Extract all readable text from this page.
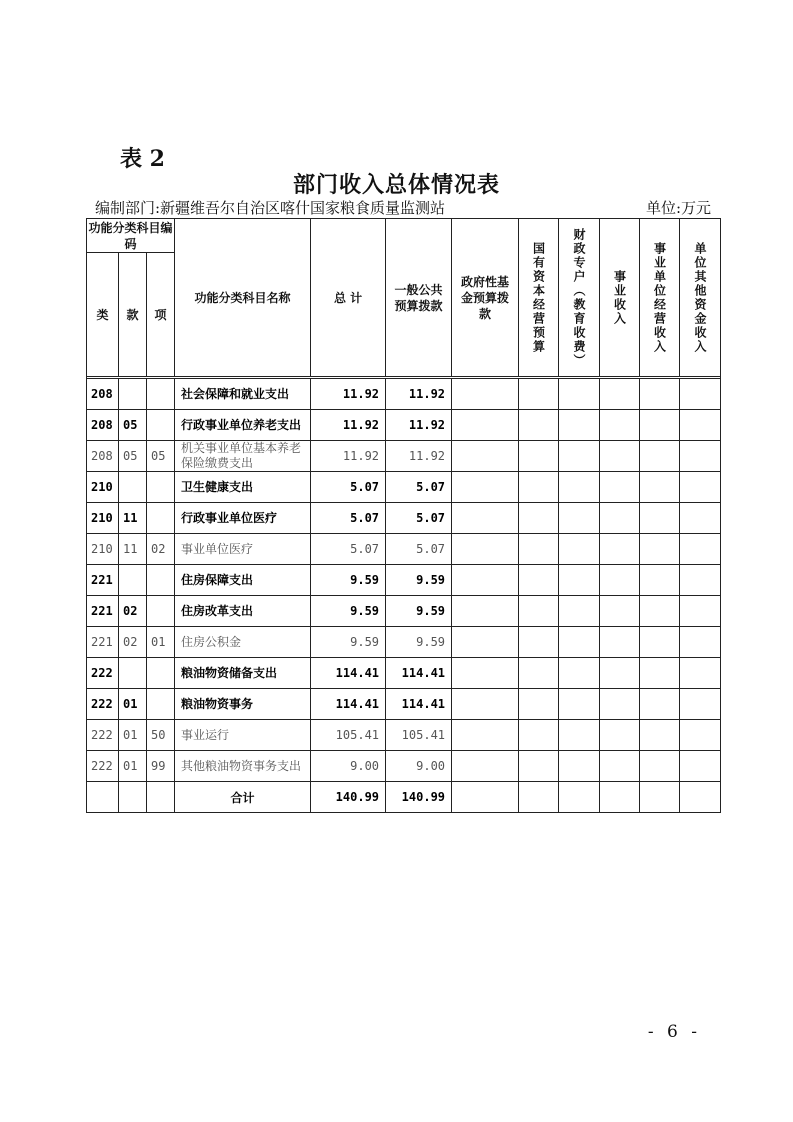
表 2
部门收入总体情况表
编制部门:新疆维吾尔自治区喀什国家粮食质量监测站	单位:万元
功能分类科目编码			功能分类科目名称	总 计	一般公共预算拨款	政府性基金预算拨款	国有资本经营预算	财政专户（教育收费）	事业收入	事业单位经营收入	单位其他资金收入

类	款	项									

208			社会保障和就业支出	11.92	11.92						
208	05		行政事业单位养老支出	11.92	11.92						
208	05	05	机关事业单位基本养老保险缴费支出	11.92	11.92						
210			卫生健康支出	5.07	5.07						
210	11		行政事业单位医疗	5.07	5.07						
210	11	02	事业单位医疗	5.07	5.07						
221			住房保障支出	9.59	9.59						
221	02		住房改革支出	9.59	9.59						
221	02	01	住房公积金	9.59	9.59						
222			粮油物资储备支出	114.41	114.41						
222	01		粮油物资事务	114.41	114.41						
222	01	50	事业运行	105.41	105.41						
222	01	99	其他粮油物资事务支出	9.00	9.00						
			合计	140.99	140.99						
- 6 -
